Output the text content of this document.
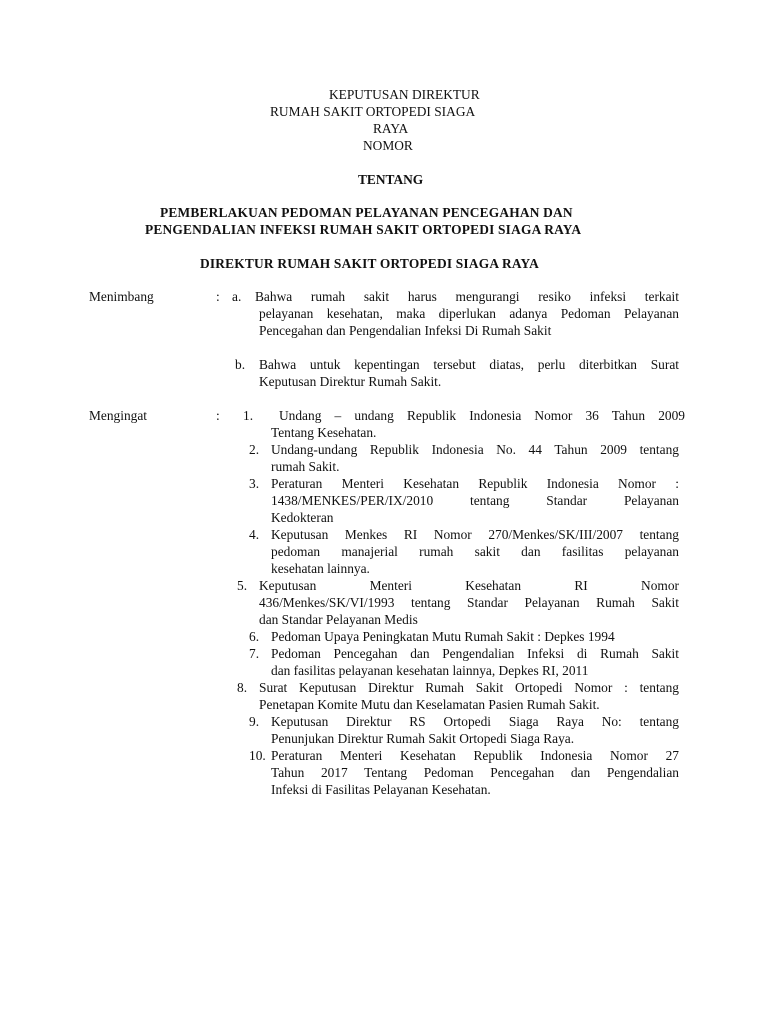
KEPUTUSAN DIREKTUR
RUMAH SAKIT ORTOPEDI SIAGA
RAYA
NOMOR
TENTANG
PEMBERLAKUAN PEDOMAN PELAYANAN PENCEGAHAN DAN
PENGENDALIAN INFEKSI RUMAH SAKIT ORTOPEDI SIAGA RAYA
DIREKTUR RUMAH SAKIT ORTOPEDI SIAGA RAYA
Menimbang	: a. Bahwa rumah sakit harus mengurangi resiko infeksi terkait
pelayanan kesehatan, maka diperlukan adanya Pedoman Pelayanan
Pencegahan dan Pengendalian Infeksi Di Rumah Sakit
b. Bahwa untuk kepentingan tersebut diatas, perlu diterbitkan Surat
Keputusan Direktur Rumah Sakit.
Mengingat	: 1. Undang – undang Republik Indonesia Nomor 36 Tahun 2009
Tentang Kesehatan.
2. Undang-undang Republik Indonesia No. 44 Tahun 2009 tentang
rumah Sakit.
3. Peraturan Menteri Kesehatan Republik Indonesia Nomor :
1438/MENKES/PER/IX/2010 tentang Standar Pelayanan
Kedokteran
4. Keputusan Menkes RI Nomor 270/Menkes/SK/III/2007 tentang
pedoman manajerial rumah sakit dan fasilitas pelayanan
kesehatan lainnya.
5. Keputusan Menteri Kesehatan RI Nomor
436/Menkes/SK/VI/1993 tentang Standar Pelayanan Rumah Sakit
dan Standar Pelayanan Medis
6. Pedoman Upaya Peningkatan Mutu Rumah Sakit : Depkes 1994
7. Pedoman Pencegahan dan Pengendalian Infeksi di Rumah Sakit
dan fasilitas pelayanan kesehatan lainnya, Depkes RI, 2011
8. Surat Keputusan Direktur Rumah Sakit Ortopedi Nomor : tentang
Penetapan Komite Mutu dan Keselamatan Pasien Rumah Sakit.
9. Keputusan Direktur RS Ortopedi Siaga Raya No: tentang
Penunjukan Direktur Rumah Sakit Ortopedi Siaga Raya.
10. Peraturan Menteri Kesehatan Republik Indonesia Nomor 27
Tahun 2017 Tentang Pedoman Pencegahan dan Pengendalian
Infeksi di Fasilitas Pelayanan Kesehatan.
